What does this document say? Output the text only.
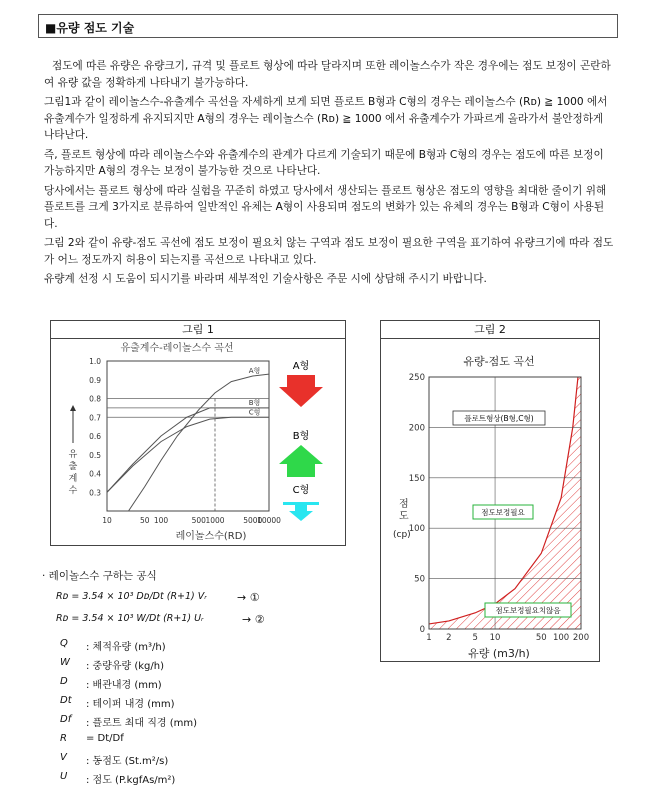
■유량 점도 기술

점도에 따른 유량은 유량크기, 규격 및 플로트 형상에 따라 달라지며 또한 레이놀스수가 작은 경우에는 점도 보정이 곤란하여 유량 값을 정확하게 나타내기 불가능하다.

그림1과 같이 레이놀스수-유출계수 곡선을 자세하게 보게 되면 플로트 B형과 C형의 경우는 레이놀스수 (Rᴅ) ≧ 1000 에서 유출계수가 일정하게 유지되지만 A형의 경우는 레이놀스수 (Rᴅ) ≧ 1000 에서 유출계수가 가파르게 올라가서 불안정하게 나타난다.

즉, 플로트 형상에 따라 레이놀스수와 유출계수의 관계가 다르게 기술되기 때문에 B형과 C형의 경우는 점도에 따른 보정이 가능하지만 A형의 경우는 보정이 불가능한 것으로 나타난다.

당사에서는 플로트 형상에 따라 실험을 꾸준히 하였고 당사에서 생산되는 플로트 형상은 점도의 영향을 최대한 줄이기 위해 플로트를 크게 3가지로 분류하여 일반적인 유체는 A형이 사용되며 점도의 변화가 있는 유체의 경우는 B형과 C형이 사용된다.

그림 2와 같이 유량-점도 곡선에 점도 보정이 필요치 않는 구역과 점도 보정이 필요한 구역을 표기하여 유량크기에 따라 점도가 어느 정도까지 허용이 되는지를 곡선으로 나타내고 있다.

유량계 선정 시 도움이 되시기를 바라며 세부적인 기술사항은 주문 시에 상담해 주시기 바랍니다.

그림 1
유출계수-레이놀스수 곡선
A형
B형
C형
0.3
0.4
0.5
0.6
0.7
0.8
0.9
1.0
10	50 100	500 1000 5000
10000
레이놀스수(RD)
유
출
계
수
A형
B형
C형
그림 2
유량-점도 곡선
0
50
100
150
200
250
1 2 5 10	50 100 200
유량 (m3/h)
점 도
(cp)
플로트형상(B형,C형)
점도보정필요
점도보정필요치않음
· 레이놀스수 구하는 공식
Rᴅ = 3.54 × 10³ Dᴅ/Dt (R+1) Vᵣ	→ ①
Rᴅ = 3.54 × 10³ W/Dt (R+1) Uᵣ	→ ②
Q	: 체적유량 (m³/h)
W	: 중량유량 (kg/h)
D	: 배관내경 (mm)
Dt	: 테이퍼 내경 (mm)
Df	: 플로트 최대 직경 (mm)
R	= Dt/Df
V	: 동점도 (St.m²/s)
U	: 점도 (P.kgfAs/m²)
